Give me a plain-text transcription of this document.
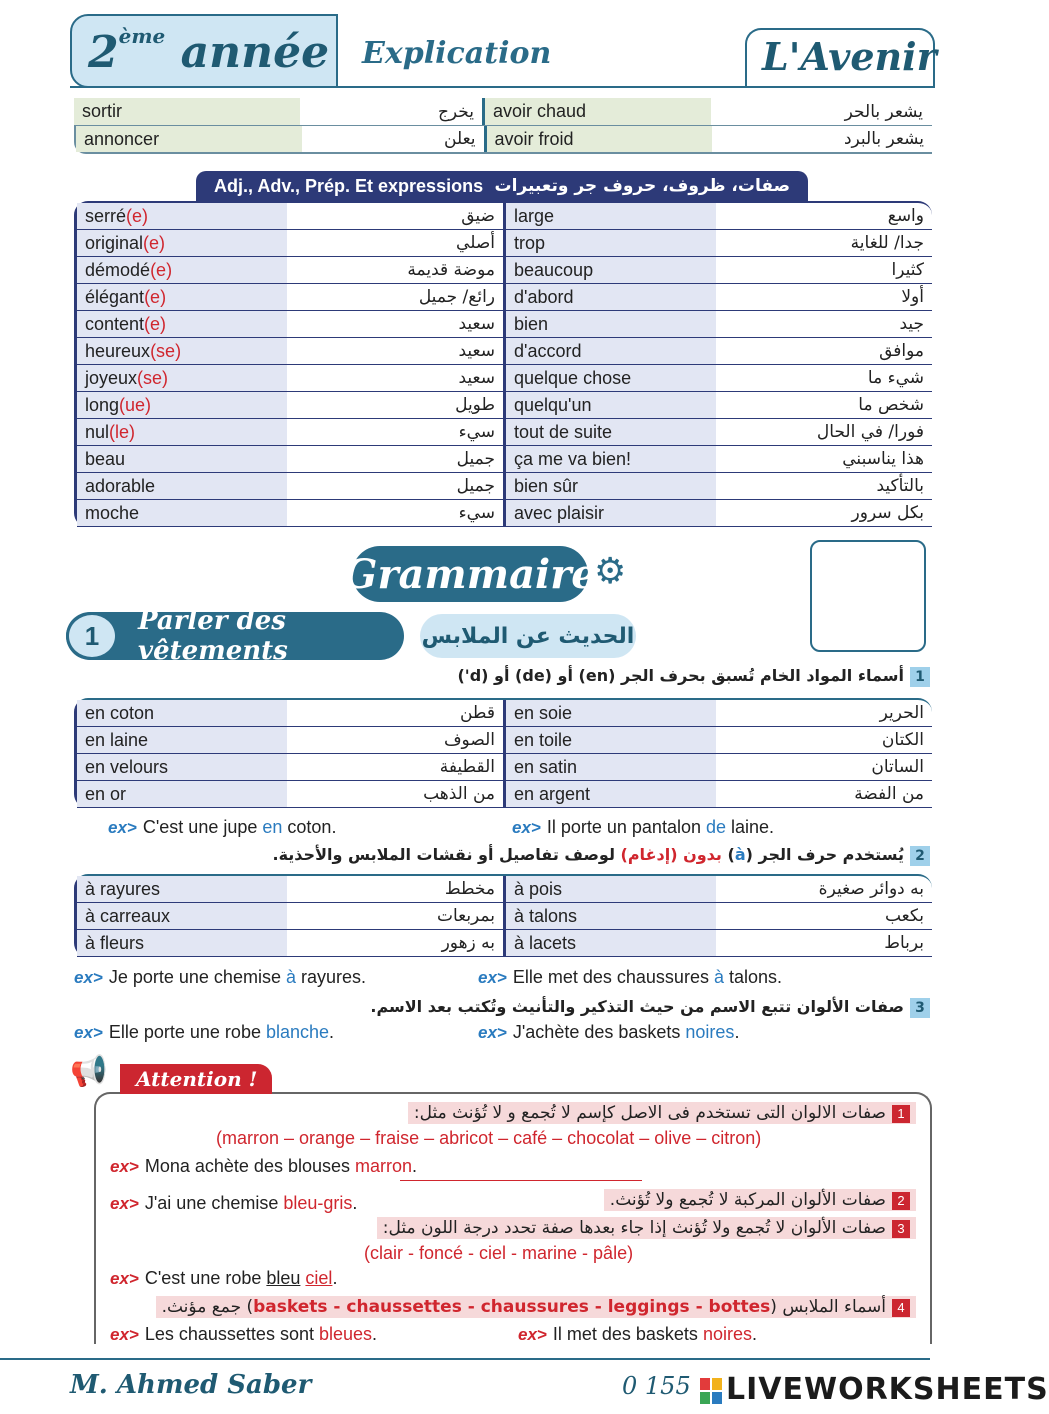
2ème année Explication	L'Avenir
sortir	يخرج	avoir chaud	يشعر بالحر
annoncer	يعلن	avoir froid	يشعر بالبرد
Adj., Adv., Prép. Et expressions صفات، ظروف، حروف جر وتعبيرات
serré (e)	ضيق	large	واسع
original (e)	أصلي	trop	جدا/ للغاية
démodé (e)	موضة قديمة	beaucoup	كثيرا
élégant (e)	رائع/ جميل	d'abord	أولا
content (e)	سعيد	bien	جيد
heureux (se)	سعيد	d'accord	موافق
joyeux (se)	سعيد	quelque chose	شيء ما
long (ue)	طويل	quelqu'un	شخص ما
nul (le)	سيء	tout de suite	فورا/ في الحال
beau	جميل	ça me va bien!	هذا يناسبني
adorable	جميل	bien sûr	بالتأكيد
moche	سيء	avec plaisir	بكل سرور
Grammaire
⚙
Parler des vêtements
1	الحديث عن الملابس
1أسماء المواد الخام تُسبق بحرف الجر (en) أو (de) أو (d')
en coton	قطن	en soie	الحرير
en laine	الصوف	en toile	الكتان
en velours	القطيفة	en satin	الساتان
en or	من الذهب	en argent	من الفضة
ex> C'est une jupe en coton.	ex> Il porte un pantalon de laine.
2يُستخدم حرف الجر (à) بدون (إدغام) لوصف تفاصيل أو نقشات الملابس والأحذية.
à rayures	مخطط	à pois	به دوائر صغيرة
à carreaux	بمربعات	à talons	بكعب
à fleurs	به زهور	à lacets	برباط
ex> Je porte une chemise à rayures.	ex> Elle met des chaussures à talons.
3صفات الألوان تتبع الاسم من حيث التذكير والتأنيث وتُكتب بعد الاسم.
ex> Elle porte une robe blanche.	ex> J'achète des baskets noires.
Attention !
📢
1صفات الالوان التى تستخدم فى الاصل كإسم لا تُجمع و لا تُؤنث مثل:
(marron – orange – fraise – abricot – café – chocolat – olive – citron)
ex> Mona achète des blouses marron.
2صفات الألوان المركبة لا تُجمع ولا تُؤنث.
ex> J'ai une chemise bleu-gris.
3صفات الألوان لا تُجمع ولا تُؤنث إذا جاء بعدها صفة تحدد درجة اللون مثل:
(clair - foncé - ciel - marine - pâle)
ex> C'est une robe bleu ciel.
4أسماء الملابس (baskets - chaussettes - chaussures - leggings - bottes) جمع مؤنث.
ex> Les chaussettes sont bleues.	ex> Il met des baskets noires.
M. Ahmed Saber	0 155 LIVEWORKSHEETS
